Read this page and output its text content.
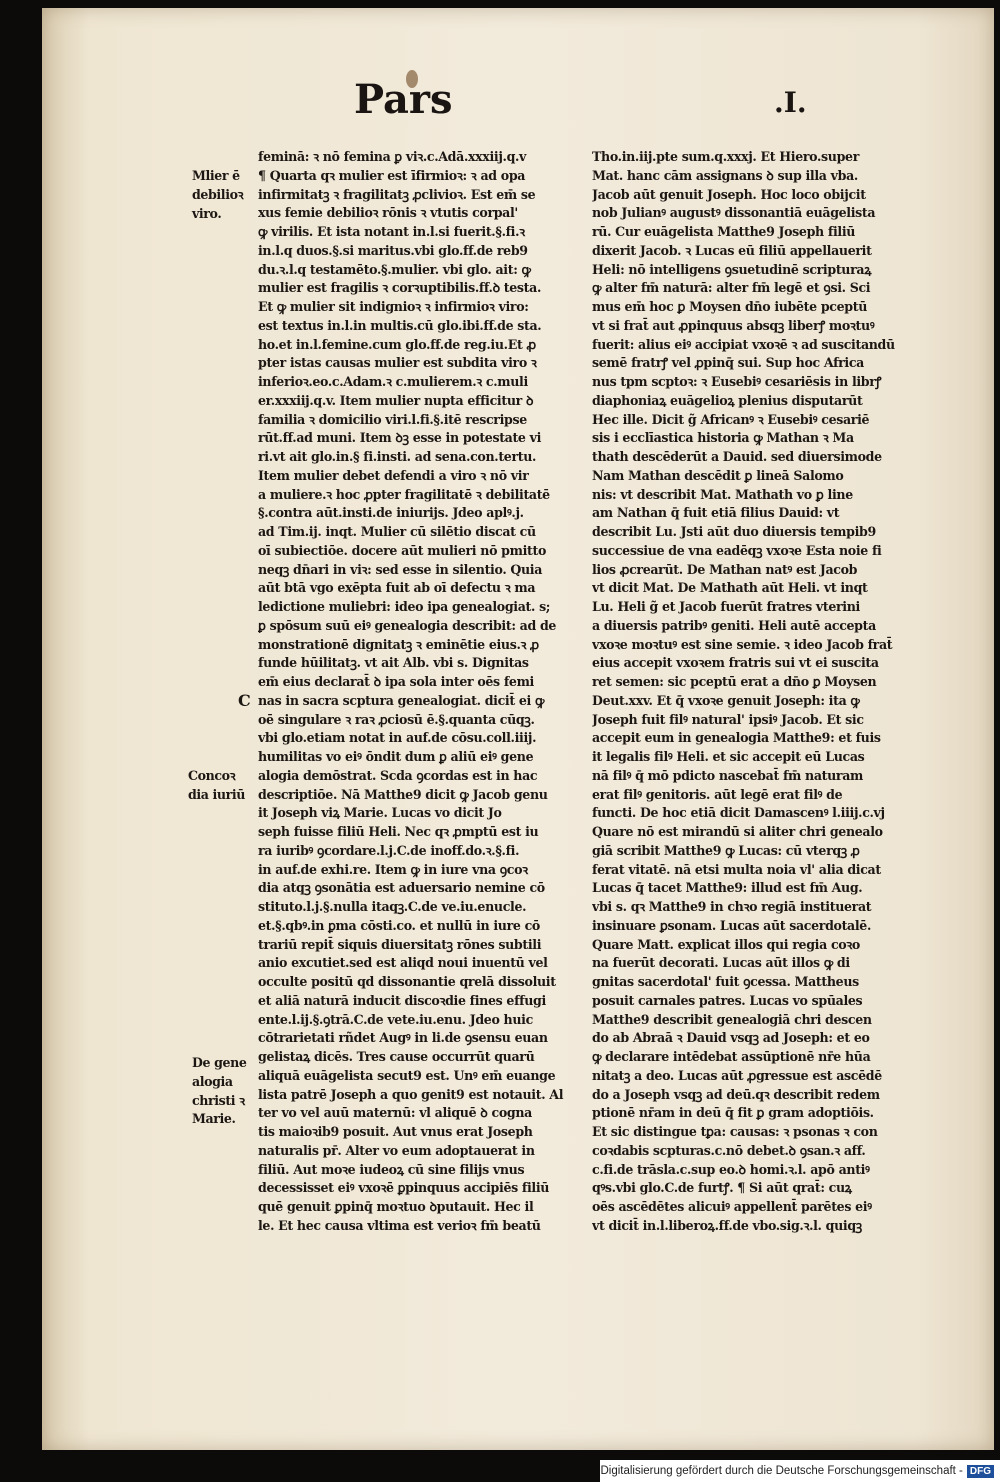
Pars	.I.
Mlier ē
debilioꝛ
viro.
C
Concoꝛ
dia iuriū
De gene
alogia
christi ꝛ
Marie.
feminā: ꝛ nō femina ꝑ viꝛ.c.Adā.xxxiij.q.v
¶ Quarta qꝛ mulier est īfirmioꝛ: ꝛ ad opa
infirmitatꝫ ꝛ fragilitatꝫ ꝓclivioꝛ. Est em̄ se
xus femie debilioꝛ rōnis ꝛ vtutis corpal'
ꝙ virilis. Et ista notant in.l.si fuerit.§.fi.ꝛ
in.l.q duos.§.si maritus.vbi glo.ff.de reb9
du.ꝛ.l.q testamēto.§.mulier. vbi glo. ait: ꝙ
mulier est fragilis ꝛ corꝛuptibilis.ff.ꝺ testa.
Et ꝙ mulier sit indignioꝛ ꝛ infirmioꝛ viro:
est textus in.l.in multis.cū glo.ibi.ff.de sta.
ho.et in.l.femine.cum glo.ff.de reg.iu.Et ꝓ
pter istas causas mulier est subdita viro ꝛ
inferioꝛ.eo.c.Adam.ꝛ c.mulierem.ꝛ c.muli
er.xxxiij.q.v. Item mulier nupta efficitur ꝺ
familia ꝛ domicilio viri.l.fi.§.itē rescripse
rūt.ff.ad muni. Item ꝺꝫ esse in potestate vi
ri.vt ait glo.in.§ fi.insti. ad sena.con.tertu.
Item mulier debet defendi a viro ꝛ nō vir
a muliere.ꝛ hoc ꝓpter fragilitatē ꝛ debilitatē
§.contra aūt.insti.de iniurijs. Jdeo aplꝰ.j.
ad Tim.ij. inqt. Mulier cū silētio discat cū
oī subiectiōe. docere aūt mulieri nō pmitto
neqꝫ dn̄ari in viꝛ: sed esse in silentio. Quia
aūt btā vgo exēpta fuit ab oī defectu ꝛ ma
ledictione muliebri: ideo ipa genealogiat. s;
ꝑ spōsum suū eiꝰ genealogia describit: ad de
monstrationē dignitatꝫ ꝛ eminētie eius.ꝛ ꝓ
funde hūilitatꝫ. vt ait Alb. vbi s. Dignitas
em̄ eius declarat̄ ꝺ ipa sola inter oēs femi
nas in sacra scptura genealogiat. dicit̄ ei ꝙ
oē singulare ꝛ raꝛ ꝓciosū ē.§.quanta cūqꝫ.
vbi glo.etiam notat in auf.de cōsu.coll.iiij.
humilitas vo eiꝰ ōndit dum ꝑ aliū eiꝰ gene
alogia demōstrat. Scda ꝯcordas est in hac
descriptiōe. Nā Matthe9 dicit ꝙ Jacob genu
it Joseph viꝝ Marie. Lucas vo dicit Jo
seph fuisse filiū Heli. Nec qꝛ ꝓmptū est iu
ra iuribꝰ ꝯcordare.l.j.C.de inoff.do.ꝛ.§.fi.
in auf.de exhi.re. Item ꝙ in iure vna ꝯcoꝛ
dia atqꝫ ꝯsonātia est aduersario nemine cō
stituto.l.j.§.nulla itaqꝫ.C.de ve.iu.enucle.
et.§.qbꝰ.in ꝑma cōsti.co. et nullū in iure cō
trariū repit̄ siquis diuersitatꝫ rōnes subtili
anio excutiet.sed est aliqd noui inuentū vel
occulte positū qd dissonantie qrelā dissoluit
et aliā naturā inducit discoꝛdie fines effugi
ente.l.ij.§.ꝯtrā.C.de vete.iu.enu. Jdeo huic
cōtrarietati rñdet Augꝰ in li.de ꝯsensu euan
gelistaꝝ dicēs. Tres cause occurrūt quarū
aliquā euāgelista secut9 est. Unꝰ em̄ euange
lista patrē Joseph a quo genit9 est notauit. Al
ter vo vel auū maternū: vl aliquē ꝺ cogna
tis maioꝛib9 posuit. Aut vnus erat Joseph
naturalis pr̄. Alter vo eum adoptauerat in
filiū. Aut moꝛe iudeoꝝ cū sine filijs vnus
decessisset eiꝰ vxoꝛē ꝑpinquus accipiēs filiū
quē genuit ꝑpinq̄ moꝛtuo ꝺputauit. Hec il
le. Et hec causa vltima est verioꝛ fm̄ beatū
Tho.in.iij.pte sum.q.xxxj. Et Hiero.super
Mat. hanc cām assignans ꝺ sup illa vba.
Jacob aūt genuit Joseph. Hoc loco obijcit
nob Julianꝰ augustꝰ dissonantiā euāgelista
rū. Cur euāgelista Matthe9 Joseph filiū
dixerit Jacob. ꝛ Lucas eū filiū appellauerit
Heli: nō intelligens ꝯsuetudinē scripturaꝝ
ꝙ alter fm̄ naturā: alter fm̄ legē et ꝯsi. Sci
mus em̄ hoc ꝑ Moysen dn̄o iubēte pceptū
vt si frat̄ aut ꝓpinquus absqꝫ liberꝭ moꝛtuꝰ
fuerit: alius eiꝰ accipiat vxoꝛē ꝛ ad suscitandū
semē fratrꝭ vel ꝓpinq̄ sui. Sup hoc Africa
nus tpm scptoꝛ: ꝛ Eusebiꝰ cesariēsis in librꝭ
diaphoniaꝝ euāgelioꝝ plenius disputarūt
Hec ille. Dicit g̃ Africanꝰ ꝛ Eusebiꝰ cesariē
sis i ecclīastica historia ꝙ Mathan ꝛ Ma
thath descēderūt a Dauid. sed diuersimode
Nam Mathan descēdit ꝑ lineā Salomo
nis: vt describit Mat. Mathath vo ꝑ line
am Nathan q̄ fuit etiā filius Dauid: vt
describit Lu. Jsti aūt duo diuersis tempib9
successiue de vna eadēqꝫ vxoꝛe Esta noie fi
lios ꝓcrearūt. De Mathan natꝰ est Jacob
vt dicit Mat. De Mathath aūt Heli. vt inqt
Lu. Heli g̃ et Jacob fuerūt fratres vterini
a diuersis patribꝰ geniti. Heli autē accepta
vxoꝛe moꝛtuꝰ est sine semie. ꝛ ideo Jacob frat̄
eius accepit vxoꝛem fratris sui vt ei suscita
ret semen: sic pceptū erat a dn̄o ꝑ Moysen
Deut.xxv. Et q̄ vxoꝛe genuit Joseph: ita ꝙ
Joseph fuit filꝰ natural' ipsiꝰ Jacob. Et sic
accepit eum in genealogia Matthe9: et fuis
it legalis filꝰ Heli. et sic accepit eū Lucas
nā filꝰ q̄ mō pdicto nascebat̄ fm̄ naturam
erat filꝰ genitoris. aūt legē erat filꝰ de
functi. De hoc etiā dicit Damascenꝰ l.iiij.c.vj
Quare nō est mirandū si aliter chri genealo
giā scribit Matthe9 ꝙ Lucas: cū vterqꝫ ꝓ
ferat vitatē. nā etsi multa noia vl' alia dicat
Lucas q̄ tacet Matthe9: illud est fm̄ Aug.
vbi s. qꝛ Matthe9 in chꝛo regiā instituerat
insinuare ꝑsonam. Lucas aūt sacerdotalē.
Quare Matt. explicat illos qui regia coꝛo
na fuerūt decorati. Lucas aūt illos ꝙ di
gnitas sacerdotal' fuit ꝯcessa. Mattheus
posuit carnales patres. Lucas vo spūales
Matthe9 describit genealogiā chri descen
do ab Abraā ꝛ Dauid vsqꝫ ad Joseph: et eo
ꝙ declarare intēdebat assūptionē nr̄e hūa
nitatꝫ a deo. Lucas aūt ꝓgressue est ascēdē
do a Joseph vsqꝫ ad deū.qꝛ describit redem
ptionē nr̄am in deū q̄ fit ꝑ gram adoptiōis.
Et sic distingue tꝑa: causas: ꝛ psonas ꝛ con
coꝛdabis scpturas.c.nō debet.ꝺ ꝯsan.ꝛ aff.
c.fi.de trāsla.c.sup eo.ꝺ homi.ꝛ.l. apō antiꝰ
qꝰs.vbi glo.C.de furtꝭ. ¶ Si aūt qrat̄: cuꝝ
oēs ascēdētes alicuiꝰ appellent̄ parētes eiꝰ
vt dicit̄ in.l.liberoꝝ.ff.de vbo.sig.ꝛ.l. quiqꝫ
Digitalisierung gefördert durch die Deutsche Forschungsgemeinschaft - DFG
